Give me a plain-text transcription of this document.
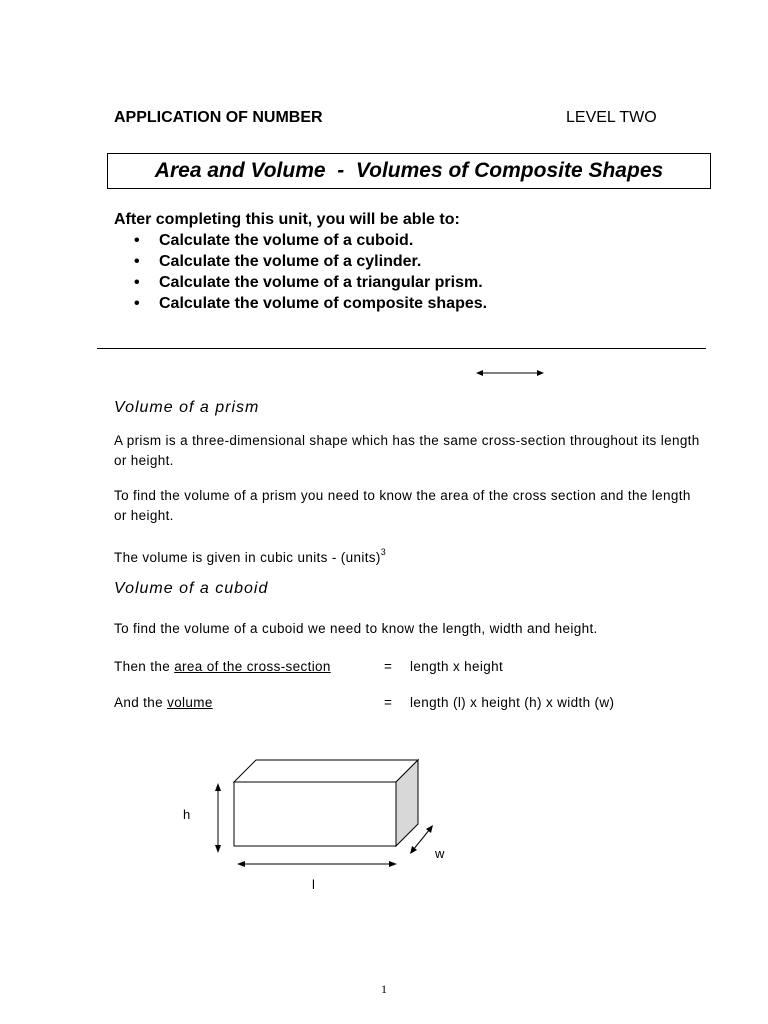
APPLICATION OF NUMBER	LEVEL TWO
Area and Volume  -  Volumes of Composite Shapes
After completing this unit, you will be able to:
• Calculate the volume of a cuboid.
• Calculate the volume of a cylinder.
• Calculate the volume of a triangular prism.
• Calculate the volume of composite shapes.
Volume of a prism
A prism is a three-dimensional shape which has the same cross-section throughout its length or height.
To find the volume of a prism you need to know the area of the cross section and the length or height.
The volume is given in cubic units - (units)$^3$
Volume of a cuboid
To find the volume of a cuboid we need to know the length, width and height.
Then the area of the cross-section	= length x height
And the volume	= length (l) x height (h) x width (w)
h
w
l
1
